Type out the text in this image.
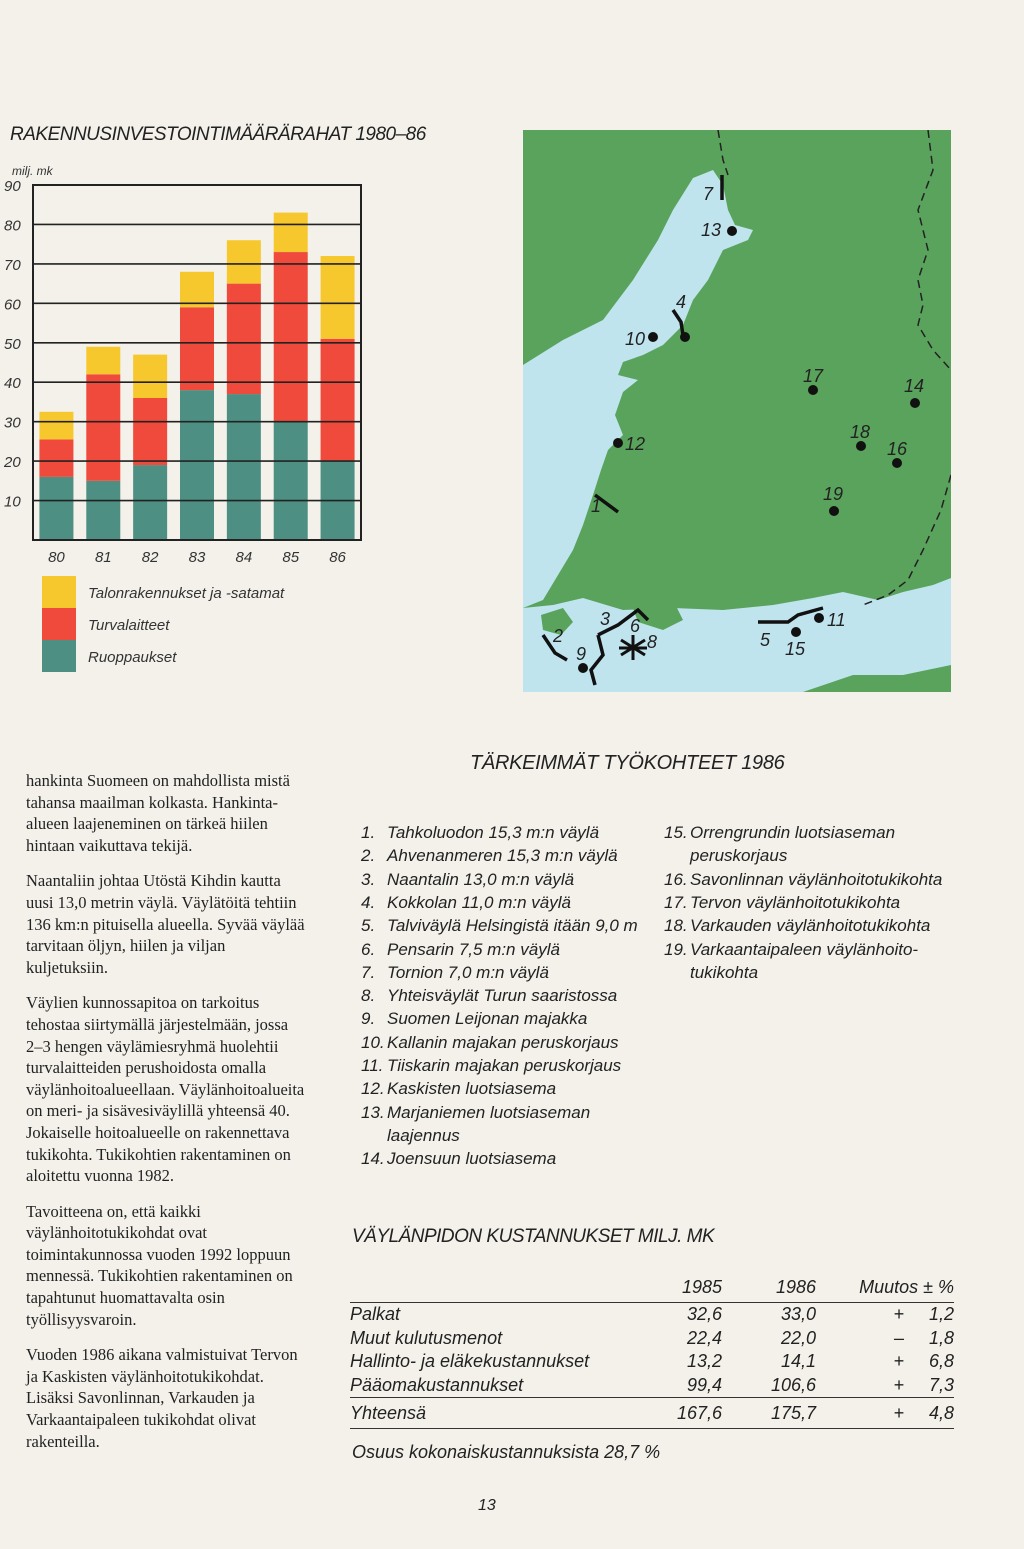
RAKENNUSINVESTOINTIMÄÄRÄRAHAT 1980–86
milj. mk
80 81 82 83 84 85 86
10
20
30
40
50
60
70
80
90
Talonrakennukset ja -satamat
Turvalaitteet
Ruoppaukset
1
2
3
4
5
6
7
8
9
10
11
12
13
14
15
16
17
18
19
TÄRKEIMMÄT TYÖKOHTEET 1986
1. Tahkoluodon 15,3 m:n väylä
2. Ahvenanmeren 15,3 m:n väylä
3. Naantalin 13,0 m:n väylä
4. Kokkolan 11,0 m:n väylä
5. Talviväylä Helsingistä itään 9,0 m
6. Pensarin 7,5 m:n väylä
7. Tornion 7,0 m:n väylä
8. Yhteisväylät Turun saaristossa
9. Suomen Leijonan majakka
10. Kallanin majakan peruskorjaus
11. Tiiskarin majakan peruskorjaus
12. Kaskisten luotsiasema
13. Marjaniemen luotsiaseman
laajennus
14. Joensuun luotsiasema
15. Orrengrundin luotsiaseman
peruskorjaus
16. Savonlinnan väylänhoitotukikohta
17. Tervon väylänhoitotukikohta
18. Varkauden väylänhoitotukikohta
19. Varkaantaipaleen väylänhoito-
tukikohta

hankinta Suomeen on mahdollista mistä tahansa maailman kolkasta. Hankinta-alueen laajeneminen on tärkeä hiilen hintaan vaikuttava tekijä.

Naantaliin johtaa Utöstä Kihdin kautta uusi 13,0 metrin väylä. Väylätöitä tehtiin 136 km:n pituisella alueella. Syvää väylää tarvitaan öljyn, hiilen ja viljan kuljetuksiin.

Väylien kunnossapitoa on tarkoitus tehostaa siirtymällä järjestelmään, jossa 2–3 hengen väylämiesryhmä huolehtii turvalaitteiden perushoidosta omalla väylänhoitoalueellaan. Väylänhoitoalueita on meri- ja sisävesiväylillä yhteensä 40. Jokaiselle hoitoalueelle on rakennettava tukikohta. Tukikohtien rakentaminen on aloitettu vuonna 1982.

Tavoitteena on, että kaikki väylänhoitotukikohdat ovat toimintakunnossa vuoden 1992 loppuun mennessä. Tukikohtien rakentaminen on tapahtunut huomattavalta osin työllisyysvaroin.

Vuoden 1986 aikana valmistuivat Tervon ja Kaskisten väylänhoitotukikohdat. Lisäksi Savonlinnan, Varkauden ja Varkaantaipaleen tukikohdat olivat rakenteilla.

VÄYLÄNPIDON KUSTANNUKSET MILJ. MK
	1985	1986	Muutos ± %
Palkat	32,6	33,0	+ 1,2
Muut kulutusmenot	22,4	22,0	– 1,8
Hallinto- ja eläkekustannukset	13,2	14,1	+ 6,8
Pääomakustannukset	99,4	106,6	+ 7,3
Yhteensä	167,6	175,7	+ 4,8
Osuus kokonaiskustannuksista 28,7 %
13
